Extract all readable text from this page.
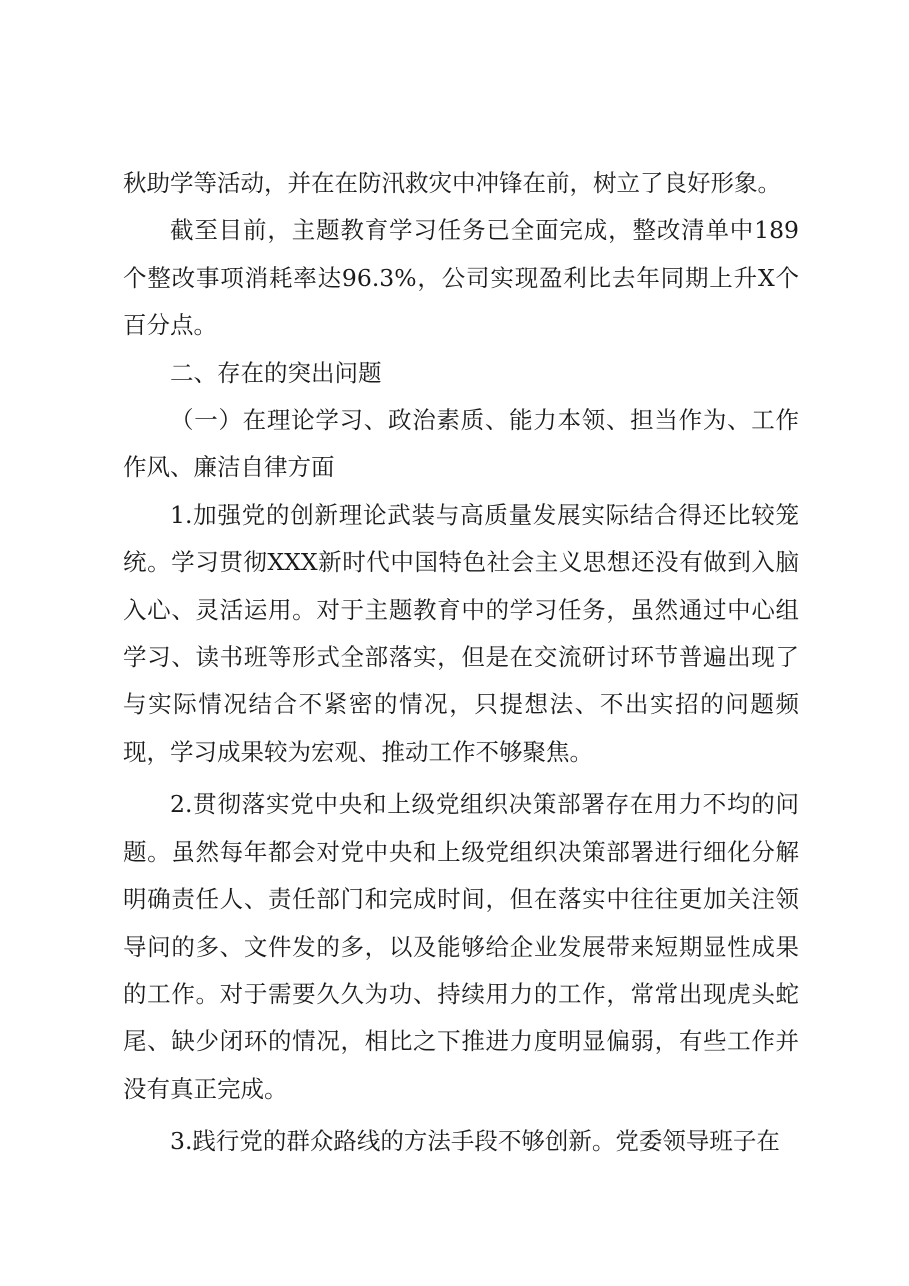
秋助学等活动，并在在防汛救灾中冲锋在前，树立了良好形象。

截至目前，主题教育学习任务已全面完成，整改清单中189个整改事项消耗率达96.3%，公司实现盈利比去年同期上升X个百分点。

二、存在的突出问题

（一）在理论学习、政治素质、能力本领、担当作为、工作作风、廉洁自律方面

1.加强党的创新理论武装与高质量发展实际结合得还比较笼统。学习贯彻XXX新时代中国特色社会主义思想还没有做到入脑入心、灵活运用。对于主题教育中的学习任务，虽然通过中心组学习、读书班等形式全部落实，但是在交流研讨环节普遍出现了与实际情况结合不紧密的情况，只提想法、不出实招的问题频现，学习成果较为宏观、推动工作不够聚焦。

2.贯彻落实党中央和上级党组织决策部署存在用力不均的问题。虽然每年都会对党中央和上级党组织决策部署进行细化分解明确责任人、责任部门和完成时间，但在落实中往往更加关注领导问的多、文件发的多，以及能够给企业发展带来短期显性成果的工作。对于需要久久为功、持续用力的工作，常常出现虎头蛇尾、缺少闭环的情况，相比之下推进力度明显偏弱，有些工作并没有真正完成。

3.践行党的群众路线的方法手段不够创新。党委领导班子在
